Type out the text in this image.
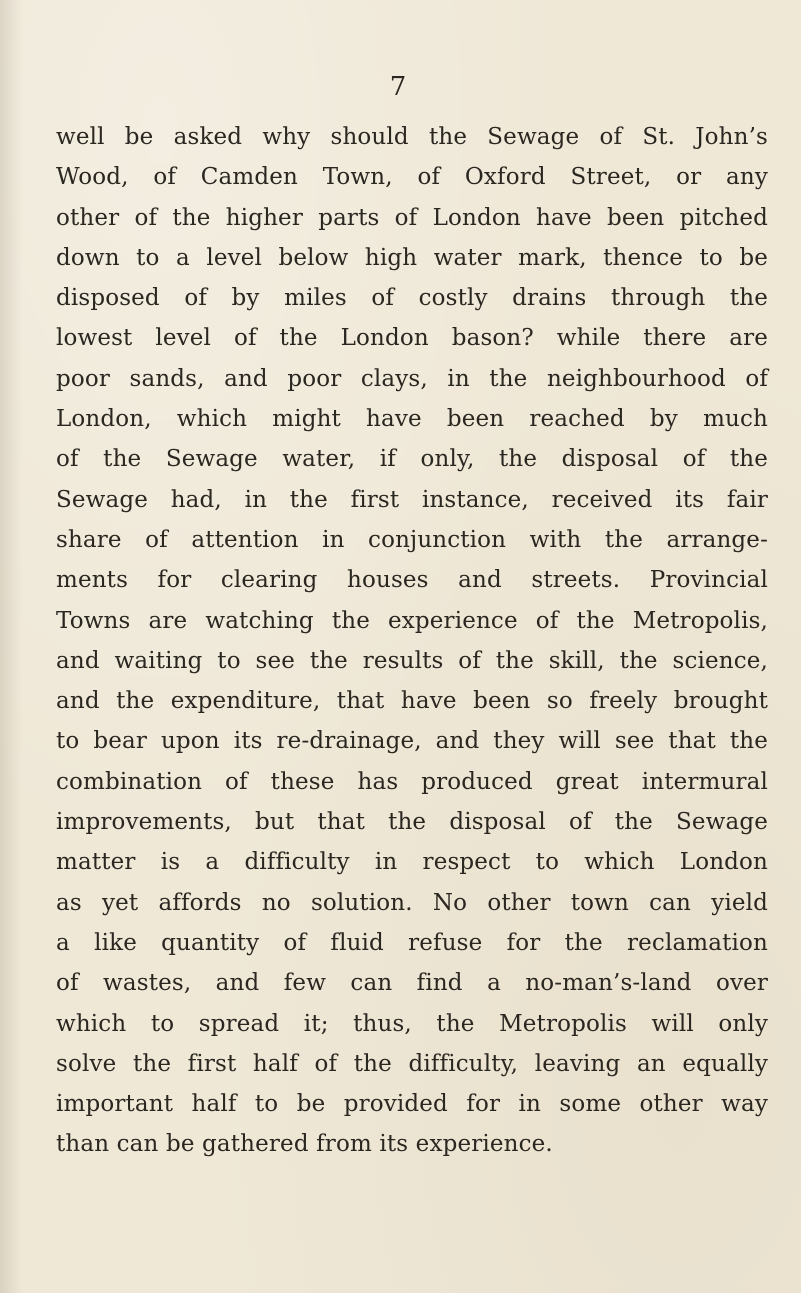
7
well be asked why should the Sewage of St. John’s
Wood, of Camden Town, of Oxford Street, or any
other of the higher parts of London have been pitched
down to a level below high water mark, thence to be
disposed of by miles of costly drains through the
lowest level of the London bason? while there are
poor sands, and poor clays, in the neighbourhood of
London, which might have been reached by much
of the Sewage water, if only, the disposal of the
Sewage had, in the first instance, received its fair
share of attention in conjunction with the arrange-
ments for clearing houses and streets. Provincial
Towns are watching the experience of the Metropolis,
and waiting to see the results of the skill, the science,
and the expenditure, that have been so freely brought
to bear upon its re-drainage, and they will see that the
combination of these has produced great intermural
improvements, but that the disposal of the Sewage
matter is a difficulty in respect to which London
as yet affords no solution. No other town can yield
a like quantity of fluid refuse for the reclamation
of wastes, and few can find a no-man’s-land over
which to spread it; thus, the Metropolis will only
solve the first half of the difficulty, leaving an equally
important half to be provided for in some other way
than can be gathered from its experience.
